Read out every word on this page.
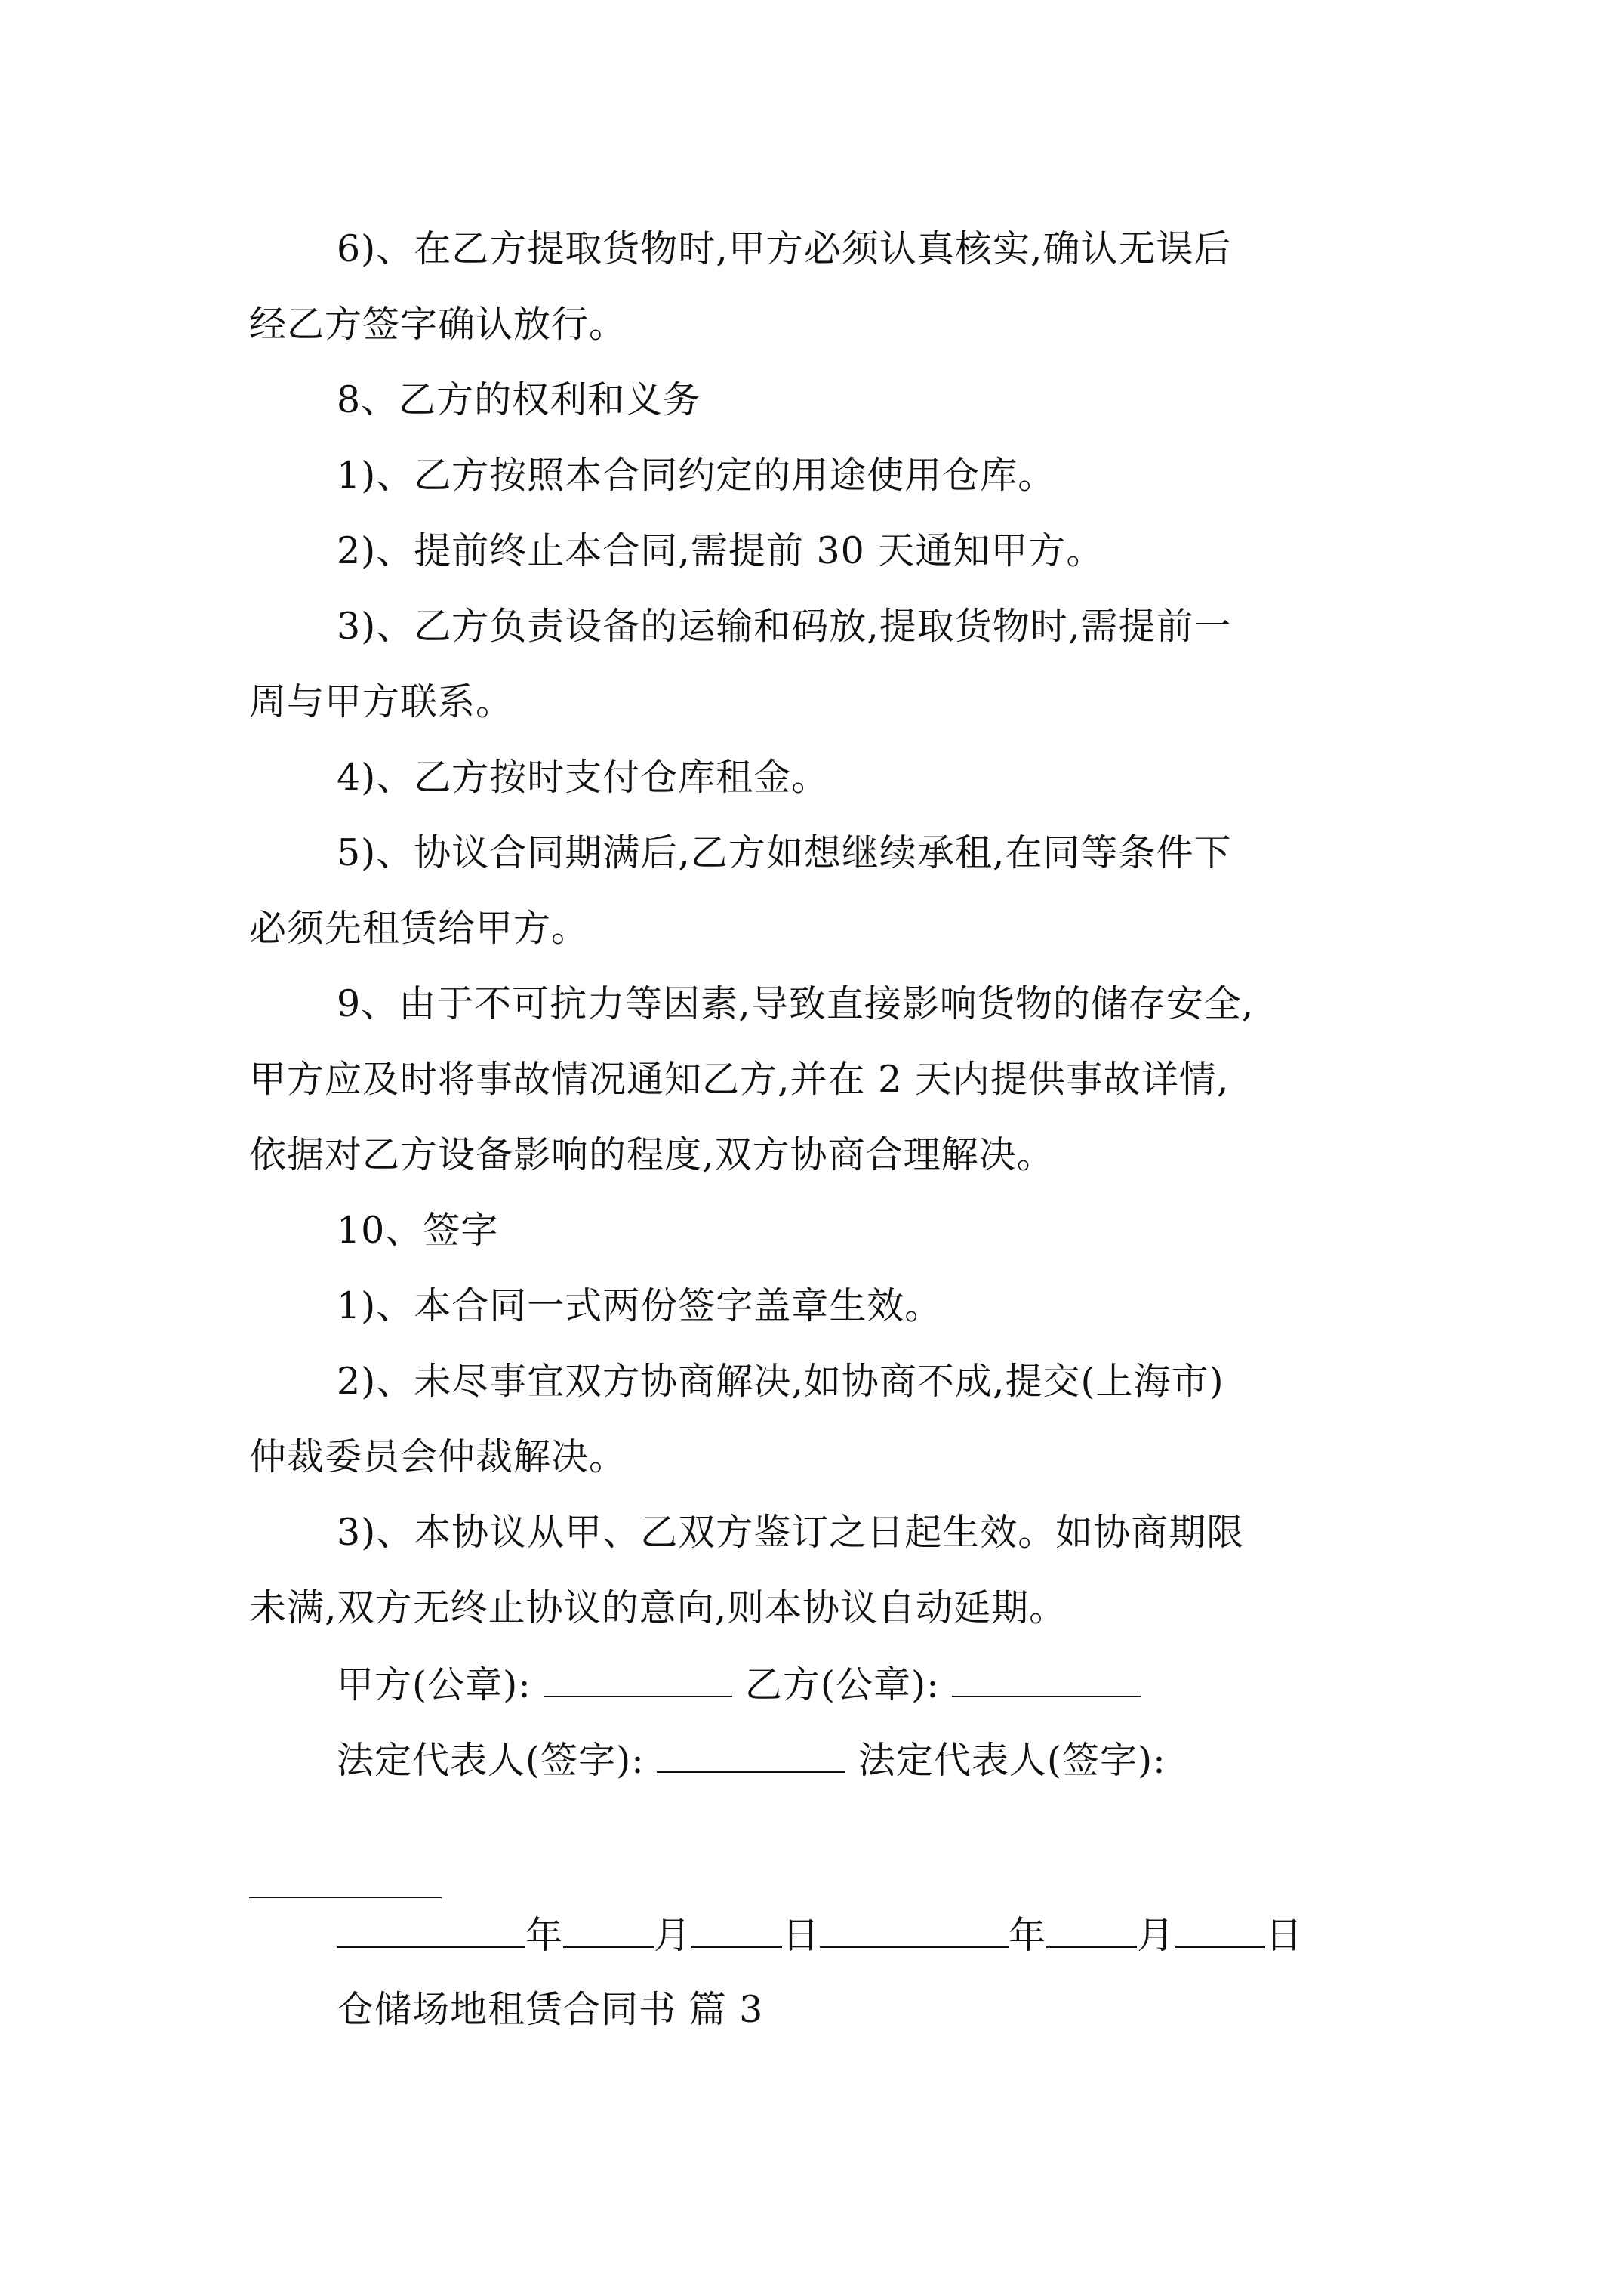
6)、在乙方提取货物时,甲方必须认真核实,确认无误后
经乙方签字确认放行。
8、乙方的权利和义务
1)、乙方按照本合同约定的用途使用仓库。
2)、提前终止本合同,需提前 30 天通知甲方。
3)、乙方负责设备的运输和码放,提取货物时,需提前一
周与甲方联系。
4)、乙方按时支付仓库租金。
5)、协议合同期满后,乙方如想继续承租,在同等条件下
必须先租赁给甲方。
9、由于不可抗力等因素,导致直接影响货物的储存安全,
甲方应及时将事故情况通知乙方,并在 2 天内提供事故详情,
依据对乙方设备影响的程度,双方协商合理解决。
10、签字
1)、本合同一式两份签字盖章生效。
2)、未尽事宜双方协商解决,如协商不成,提交(上海市)
仲裁委员会仲裁解决。
3)、本协议从甲、乙双方鉴订之日起生效。如协商期限
未满,双方无终止协议的意向,则本协议自动延期。
甲方(公章):	乙方(公章):
法定代表人(签字):	法定代表人(签字):
年 月 日	年 月 日
仓储场地租赁合同书 篇 3
